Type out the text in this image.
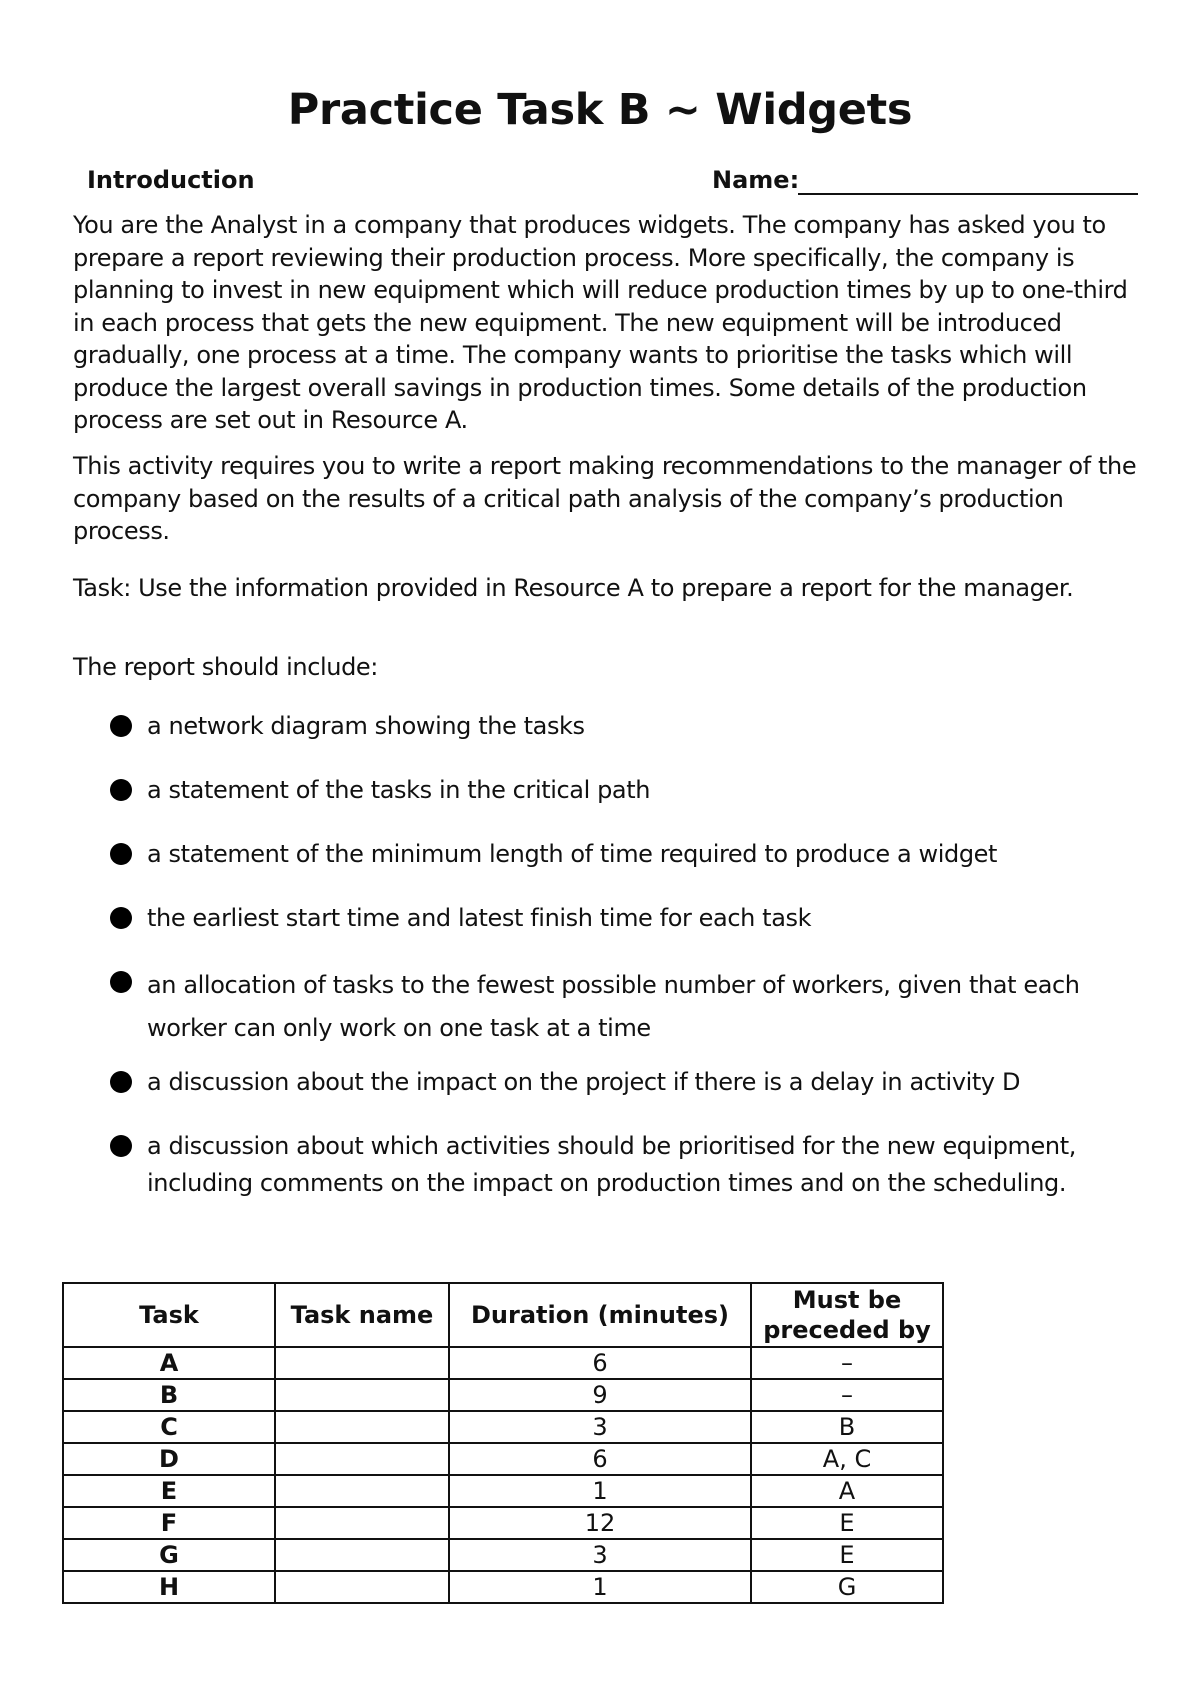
Practice Task B ~ Widgets
Introduction	Name:

You are the Analyst in a company that produces widgets. The company has asked you to prepare a report reviewing their production process. More specifically, the company is planning to invest in new equipment which will reduce production times by up to one-third in each process that gets the new equipment. The new equipment will be introduced gradually, one process at a time. The company wants to prioritise the tasks which will produce the largest overall savings in production times. Some details of the production process are set out in Resource A.

This activity requires you to write a report making recommendations to the manager of the company based on the results of a critical path analysis of the company’s production process.

Task: Use the information provided in Resource A to prepare a report for the manager.

The report should include:

a network diagram showing the tasks
a statement of the tasks in the critical path
a statement of the minimum length of time required to produce a widget
the earliest start time and latest finish time for each task
an allocation of tasks to the fewest possible number of workers, given that each worker can only work on one task at a time
a discussion about the impact on the project if there is a delay in activity D
a discussion about which activities should be prioritised for the new equipment, including comments on the impact on production times and on the scheduling.
Task	Task name	Duration (minutes)	Must be preceded by
A		6	–
B		9	–
C		3	B
D		6	A, C
E		1	A
F		12	E
G		3	E
H		1	G
